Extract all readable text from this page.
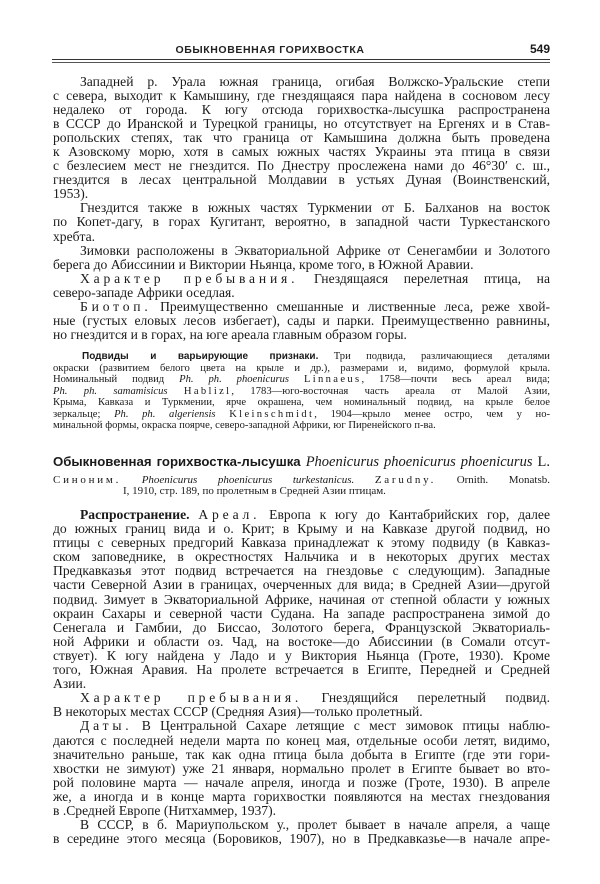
ОБЫКНОВЕННАЯ ГОРИХВОСТКА	549
Западней р. Урала южная граница, огибая Волжско-Уральские степи
с севера, выходит к Камышину, где гнездящаяся пара найдена в сосновом лесу
недалеко от города. К югу отсюда горихвостка-лысушка распространена
в СССР до Иранской и Турецкой границы, но отсутствует на Ергенях и в Став-
ропольских степях, так что граница от Камышина должна быть проведена
к Азовскому морю, хотя в самых южных частях Украины эта птица в связи
с безлесием мест не гнездится. По Днестру прослежена нами до 46°30′ с. ш.,
гнездится в лесах центральной Молдавии в устьях Дуная (Воинственский,
1953).
Гнездится также в южных частях Туркмении от Б. Балханов на восток
по Копет-дагу, в горах Кугитант, вероятно, в западной части Туркестанского
хребта.
Зимовки расположены в Экваториальной Африке от Сенегамбии и Золотого
берега до Абиссинии и Виктории Ньянца, кроме того, в Южной Аравии.
Характер пребывания. Гнездящаяся перелетная птица, на
северо-западе Африки оседлая.
Биотоп. Преимущественно смешанные и лиственные леса, реже хвой-
ные (густых еловых лесов избегает), сады и парки. Преимущественно равнины,
но гнездится и в горах, на юге ареала главным образом горы.
Подвиды и варьирующие признаки. Три подвида, различающиеся деталями
окраски (развитием белого цвета на крыле и др.), размерами и, видимо, формулой крыла.
Номинальный подвид Ph. ph. phoenicurus Linnaeus, 1758—почти весь ареал вида;
Ph. ph. samamisicus Hablizl, 1783—юго-восточная часть ареала от Малой Азии,
Крыма, Кавказа и Туркмении, ярче окрашена, чем номинальный подвид, на крыле белое
зеркальце; Ph. ph. algeriensis Kleinschmidt, 1904—крыло менее остро, чем у но-
минальной формы, окраска поярче, северо-западной Африки, юг Пиренейского п-ва.
Обыкновенная горихвостка-лысушка Phoenicurus phoenicurus phoenicurus L.
Синоним. Phoenicurus phoenicurus turkestanicus. Zarudny. Ornith. Monatsb.
I, 1910, стр. 189, по пролетным в Средней Азии птицам.
Распространение. Ареал. Европа к югу до Кантабрийских гор, далее
до южных границ вида и о. Крит; в Крыму и на Кавказе другой подвид, но
птицы с северных предгорий Кавказа принадлежат к этому подвиду (в Кавказ-
ском заповеднике, в окрестностях Нальчика и в некоторых других местах
Предкавказья этот подвид встречается на гнездовье с следующим). Западные
части Северной Азии в границах, очерченных для вида; в Средней Азии—другой
подвид. Зимует в Экваториальной Африке, начиная от степной области у южных
окраин Сахары и северной части Судана. На западе распространена зимой до
Сенегала и Гамбии, до Биссао, Золотого берега, Французской Экваториаль-
ной Африки и области оз. Чад, на востоке—до Абиссинии (в Сомали отсут-
ствует). К югу найдена у Ладо и у Виктория Ньянца (Гроте, 1930). Кроме
того, Южная Аравия. На пролете встречается в Египте, Передней и Средней
Азии.
Характер пребывания. Гнездящийся перелетный подвид.
В некоторых местах СССР (Средняя Азия)—только пролетный.
Даты. В Центральной Сахаре летящие с мест зимовок птицы наблю-
даются с последней недели марта по конец мая, отдельные особи летят, видимо,
значительно раньше, так как одна птица была добыта в Египте (где эти гори-
хвостки не зимуют) уже 21 января, нормально пролет в Египте бывает во вто-
рой половине марта — начале апреля, иногда и позже (Гроте, 1930). В апреле
же, а иногда и в конце марта горихвостки появляются на местах гнездования
в .Средней Европе (Нитхаммер, 1937).
В СССР, в б. Мариупольском у., пролет бывает в начале апреля, а чаще
в середине этого месяца (Боровиков, 1907), но в Предкавказье—в начале апре-
